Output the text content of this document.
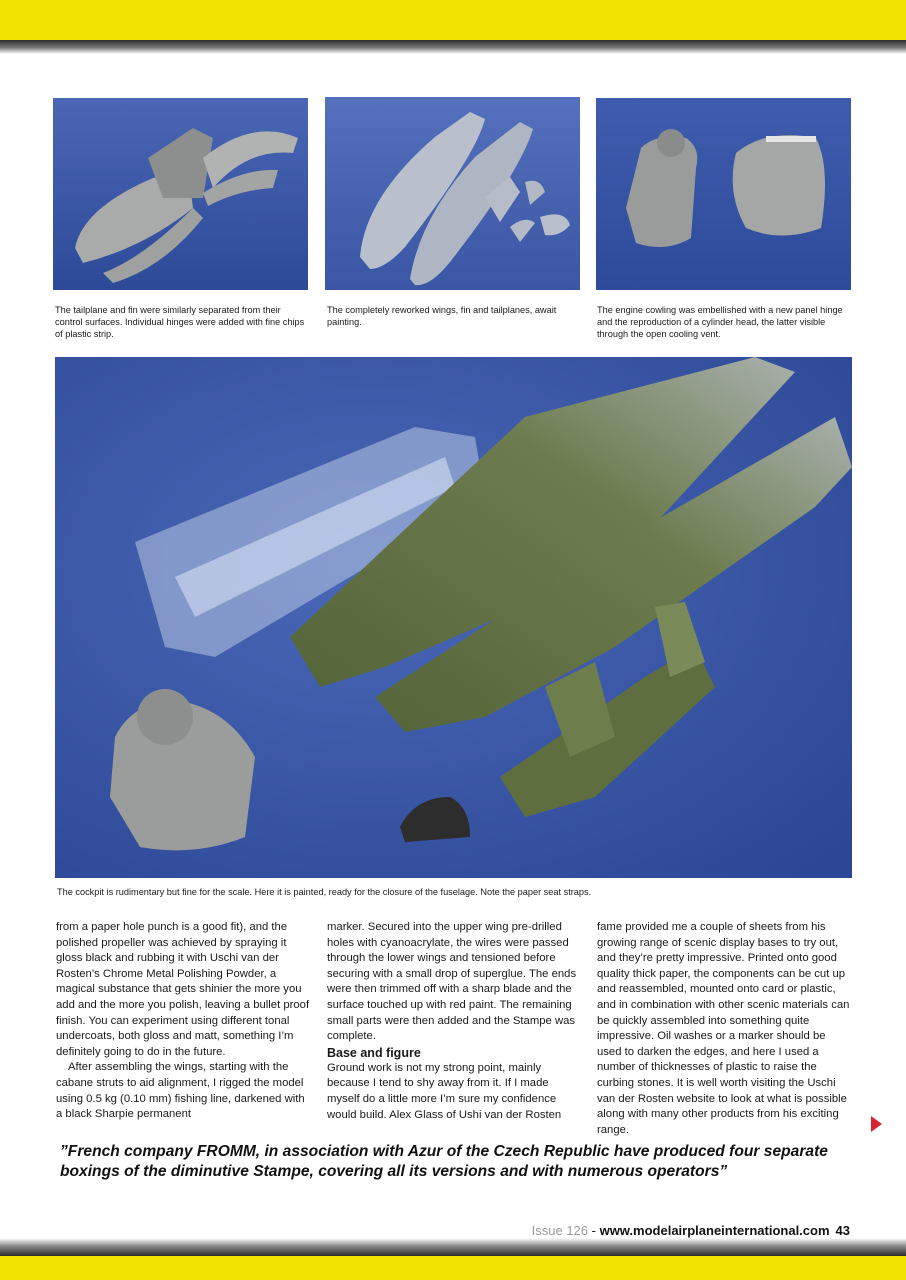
The tailplane and fin were similarly separated from their control surfaces. Individual hinges were added with fine chips of plastic strip.
The completely reworked wings, fin and tailplanes, await painting.
The engine cowling was embellished with a new panel hinge and the reproduction of a cylinder head, the latter visible through the open cooling vent.
The cockpit is rudimentary but fine for the scale. Here it is painted, ready for the closure of the fuselage. Note the paper seat straps.

from a paper hole punch is a good fit), and the polished propeller was achieved by spraying it gloss black and rubbing it with Uschi van der Rosten’s Chrome Metal Polishing Powder, a magical substance that gets shinier the more you add and the more you polish, leaving a bullet proof finish. You can experiment using different tonal undercoats, both gloss and matt, something I’m definitely going to do in the future.

After assembling the wings, starting with the cabane struts to aid alignment, I rigged the model using 0.5 kg (0.10 mm) fishing line, darkened with a black Sharpie permanent

marker. Secured into the upper wing pre-drilled holes with cyanoacrylate, the wires were passed through the lower wings and tensioned before securing with a small drop of superglue. The ends were then trimmed off with a sharp blade and the surface touched up with red paint. The remaining small parts were then added and the Stampe was complete.

Base and figure

Ground work is not my strong point, mainly because I tend to shy away from it. If I made myself do a little more I’m sure my confidence would build. Alex Glass of Ushi van der Rosten

fame provided me a couple of sheets from his growing range of scenic display bases to try out, and they’re pretty impressive. Printed onto good quality thick paper, the components can be cut up and reassembled, mounted onto card or plastic, and in combination with other scenic materials can be quickly assembled into something quite impressive. Oil washes or a marker should be used to darken the edges, and here I used a number of thicknesses of plastic to raise the curbing stones. It is well worth visiting the Uschi van der Rosten website to look at what is possible along with many other products from his exciting range.

”French company FROMM, in association with Azur of the Czech Republic have produced four separate boxings of the diminutive Stampe, covering all its versions and with numerous operators”
Issue 126 - www.modelairplaneinternational.com 43
